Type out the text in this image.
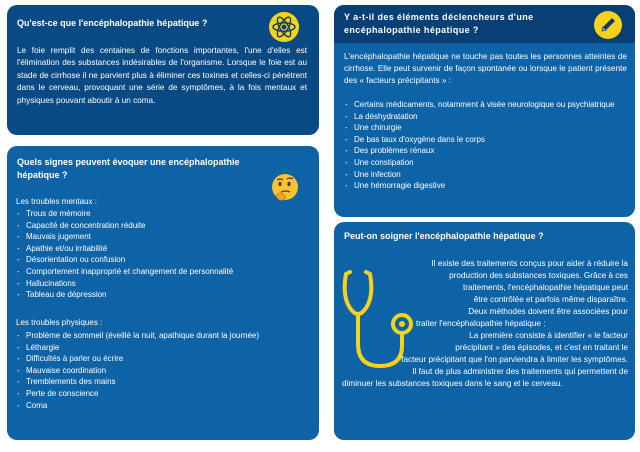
Qu'est-ce que l'encéphalopathie hépatique ?
Le foie remplit des centaines de fonctions importantes, l'une d'elles est l'élimination des substances indésirables de l'organisme. Lorsque le foie est au stade de cirrhose il ne parvient plus à éliminer ces toxines et celles-ci pénètrent dans le cerveau, provoquant une série de symptômes, à la fois mentaux et physiques pouvant aboutir à un coma.
Quels signes peuvent évoquer une encéphalopathie hépatique ?
Les troubles mentaux :
- Trous de mémoire
- Capacité de concentration réduite
- Mauvais jugement
- Apathie et/ou irritabilité
- Désorientation ou confusion
- Comportement inapproprié et changement de personnalité
- Hallucinations
- Tableau de dépression
Les troubles physiques :
- Problème de sommeil (éveillé la nuit, apathique durant la journée)
- Léthargie
- Difficultés à parler ou écrire
- Mauvaise coordination
- Tremblements des mains
- Perte de conscience
- Coma
Y a-t-il des éléments déclencheurs d'une encéphalopathie hépatique ?
L'encéphalopathie hépatique ne touche pas toutes les personnes atteintes de cirrhose. Elle peut survenir de façon spontanée ou lorsque le patient présente des « facteurs précipitants » :
- Certains médicaments, notamment à visée neurologique ou psychiatrique
- La déshydratation
- Une chirurgie
- De bas taux d'oxygène dans le corps
- Des problèmes rénaux
- Une constipation
- Une infection
- Une hémorragie digestive
Peut-on soigner l'encéphalopathie hépatique ?
Il existe des traitements conçus pour aider à réduire la
production des substances toxiques. Grâce à ces
traitements, l'encéphalopathie hépatique peut
être contrôlée et parfois même disparaître.
Deux méthodes doivent être associées pour
traiter l'encéphalopathie hépatique :
La première consiste à identifier « le facteur
précipitant » des épisodes, et c'est en traitant le
facteur précipitant que l'on parviendra à limiter les symptômes.
Il faut de plus administrer des traitements qui permettent de
diminuer les substances toxiques dans le sang et le cerveau.
